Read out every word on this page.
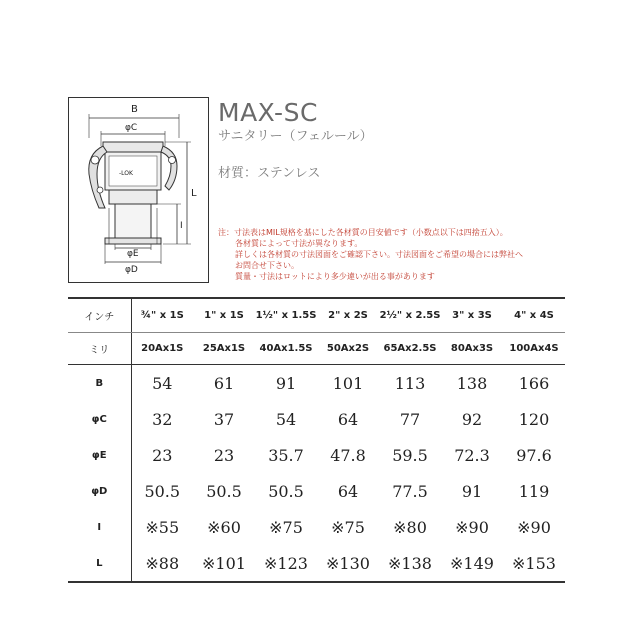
B
φC
-LOK
φE
φD
L
I
MAX-SC
サニタリー（フェルール）
材質：ステンレス
注：寸法表はMIL規格を基にした各材質の目安値です（小数点以下は四捨五入）。
各材質によって寸法が異なります。
詳しくは各材質の寸法図面をご確認下さい。寸法図面をご希望の場合には弊社へ
お問合せ下さい。
質量・寸法はロットにより多少違いが出る事があります
インチ	¾" x 1S	1" x 1S	1½" x 1.5S	2" x 2S	2½" x 2.5S	3" x 3S	4" x 4S
ミリ	20Ax1S	25Ax1S	40Ax1.5S	50Ax2S	65Ax2.5S	80Ax3S	100Ax4S
B	54	61	91	101	113	138	166
φC	32	37	54	64	77	92	120
φE	23	23	35.7	47.8	59.5	72.3	97.6
φD	50.5	50.5	50.5	64	77.5	91	119
I	※55	※60	※75	※75	※80	※90	※90
L	※88	※101	※123	※130	※138	※149	※153
